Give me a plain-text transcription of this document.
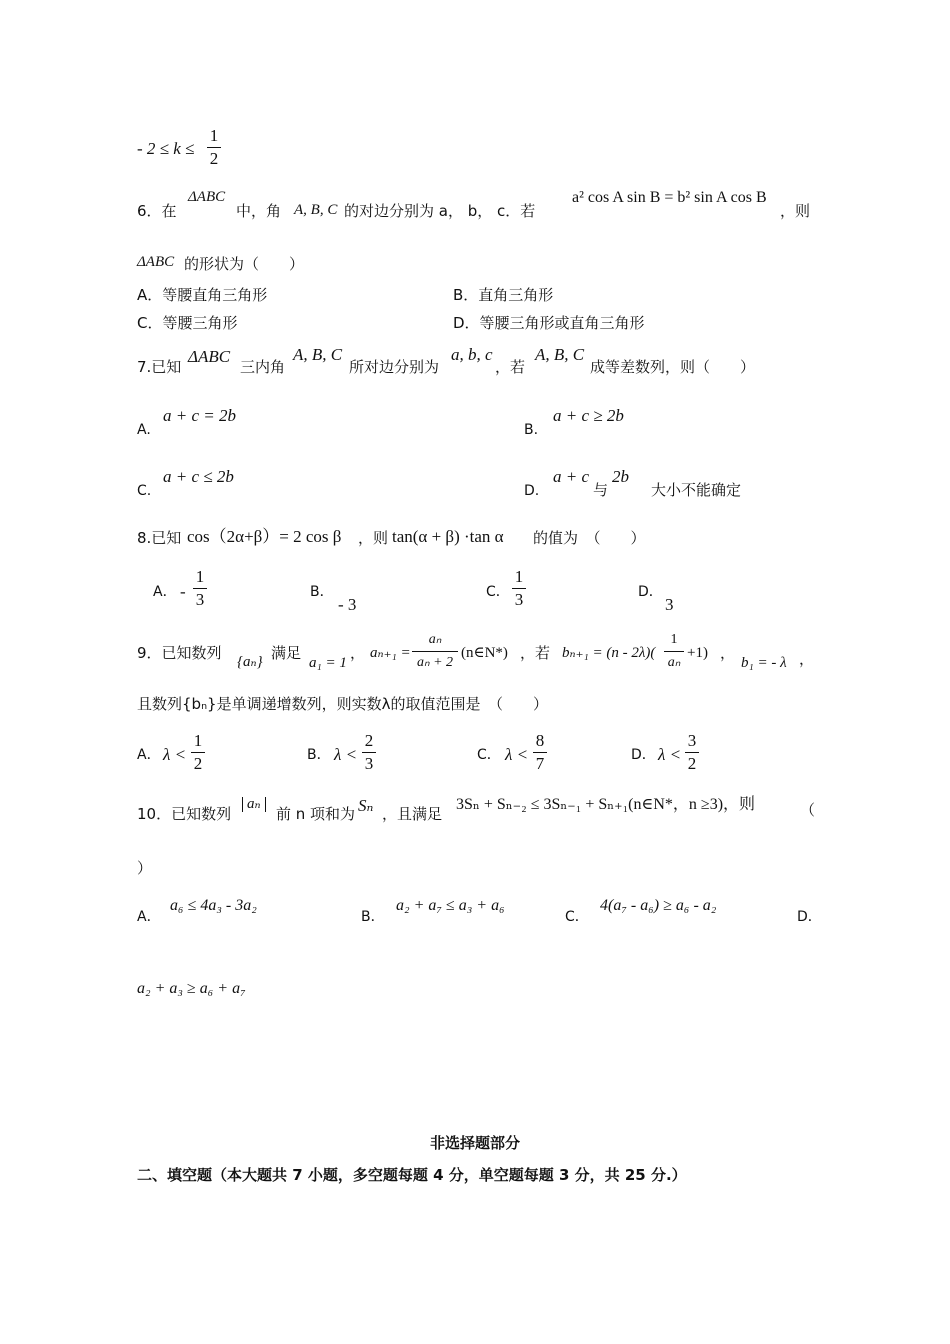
- 2 ≤ k ≤
1
2
6．在
ΔABC
中，角 A, B, C 的对边分别为 a， b， c．若
a² cos A sin B = b² sin A cos B
，则
ΔABC 的形状为（　　）
A．等腰直角三角形	B．直角三角形
C．等腰三角形	D．等腰三角形或直角三角形
7.已知
ΔABC
三内角
A, B, C
所对边分别为
a, b, c
，若
A, B, C
成等差数列，则（　　）
A.
a + c = 2b
B.
a + c ≥ 2b
C.
a + c ≤ 2b
D.
a + c
与
2b
大小不能确定
8.已知 cos（2α+β）= 2 cos β ，则 tan(α + β) ·tan α 的值为　（　　）
A． -
1
3	B．
- 3
C．
1
3	D．
3
9．已知数列 {aₙ} 满足
a₁ = 1
， aₙ₊₁ =
aₙ
aₙ + 2
(n∈N*) ，若 bₙ₊₁ = (n - 2λ)(
1
aₙ
+1) ，
b₁ = - λ ，
且数列{bₙ}是单调递增数列，则实数λ的取值范围是　（　　）
A． λ <
1
2	B． λ <
2
3	C． λ <
8
7	D． λ <
3
2
10．已知数列
aₙ
前 n 项和为 Sₙ ，且满足
3Sₙ + Sₙ₋₂ ≤ 3Sₙ₋₁ + Sₙ₊₁(n∈N*，n ≥3)，则	（
）
A．
a₆ ≤ 4a₃ - 3a₂
B．
a₂ + a₇ ≤ a₃ + a₆
C．
4(a₇ - a₆) ≥ a₆ - a₂
D．
a₂ + a₃ ≥ a₆ + a₇
非选择题部分
二、填空题（本大题共 7 小题，多空题每题 4 分，单空题每题 3 分，共 25 分.）
